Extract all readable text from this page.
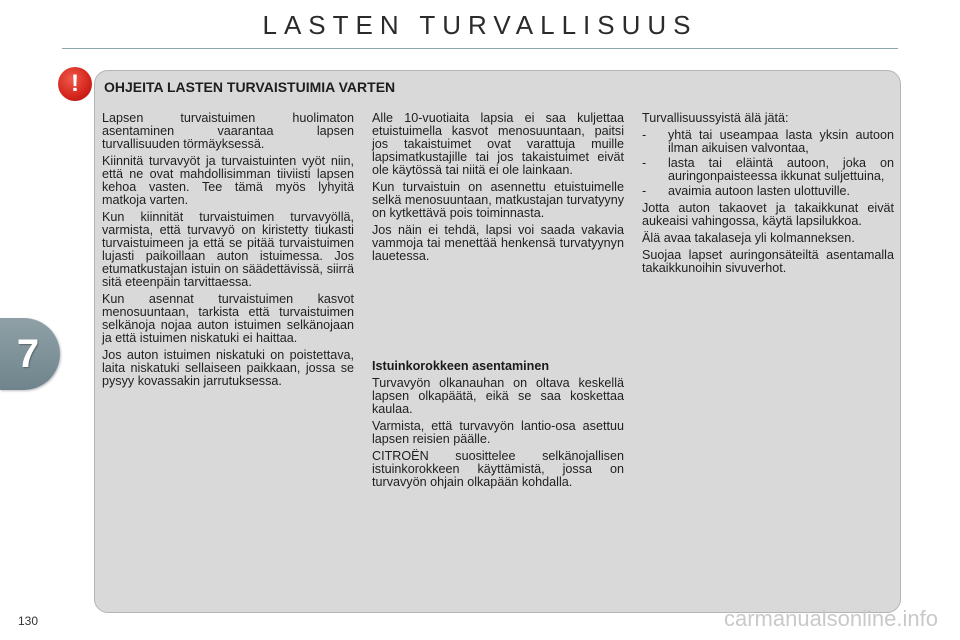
LASTEN TURVALLISUUS
7
!	OHJEITA LASTEN TURVAISTUIMIA VARTEN

Lapsen turvaistuimen huolimaton asentaminen vaarantaa lapsen turvallisuuden törmäyksessä.

Kiinnitä turvavyöt ja turvaistuinten vyöt niin, että ne ovat mahdollisimman tiiviisti lapsen kehoa vasten. Tee tämä myös lyhyitä matkoja varten.

Kun kiinnität turvaistuimen turvavyöllä, varmista, että turvavyö on kiristetty tiukasti turvaistuimeen ja että se pitää turvaistuimen lujasti paikoillaan auton istuimessa. Jos etumatkustajan istuin on säädettävissä, siirrä sitä eteenpäin tarvittaessa.

Kun asennat turvaistuimen kasvot menosuuntaan, tarkista että turvaistuimen selkänoja nojaa auton istuimen selkänojaan ja että istuimen niskatuki ei haittaa.

Jos auton istuimen niskatuki on poistettava, laita niskatuki sellaiseen paikkaan, jossa se pysyy kovassakin jarrutuksessa.

Alle 10-vuotiaita lapsia ei saa kuljettaa etuistuimella kasvot menosuuntaan, paitsi jos takaistuimet ovat varattuja muille lapsimatkustajille tai jos takaistuimet eivät ole käytössä tai niitä ei ole lainkaan.

Kun turvaistuin on asennettu etuistuimelle selkä menosuuntaan, matkustajan turvatyyny on kytkettävä pois toiminnasta.

Jos näin ei tehdä, lapsi voi saada vakavia vammoja tai menettää henkensä turvatyynyn lauetessa.

Istuinkorokkeen asentaminen

Turvavyön olkanauhan on oltava keskellä lapsen olkapäätä, eikä se saa koskettaa kaulaa.

Varmista, että turvavyön lantio-osa asettuu lapsen reisien päälle.

CITROËN suosittelee selkänojallisen istuinkorokkeen käyttämistä, jossa on turvavyön ohjain olkapään kohdalla.

Turvallisuussyistä älä jätä:

- yhtä tai useampaa lasta yksin autoon ilman aikuisen valvontaa,
- lasta tai eläintä autoon, joka on auringonpaisteessa ikkunat suljettuina,
- avaimia autoon lasten ulottuville.

Jotta auton takaovet ja takaikkunat eivät aukeaisi vahingossa, käytä lapsilukkoa.

Älä avaa takalaseja yli kolmanneksen.

Suojaa lapset auringonsäteiltä asentamalla takaikkunoihin sivuverhot.

130	carmanualsonline.info
